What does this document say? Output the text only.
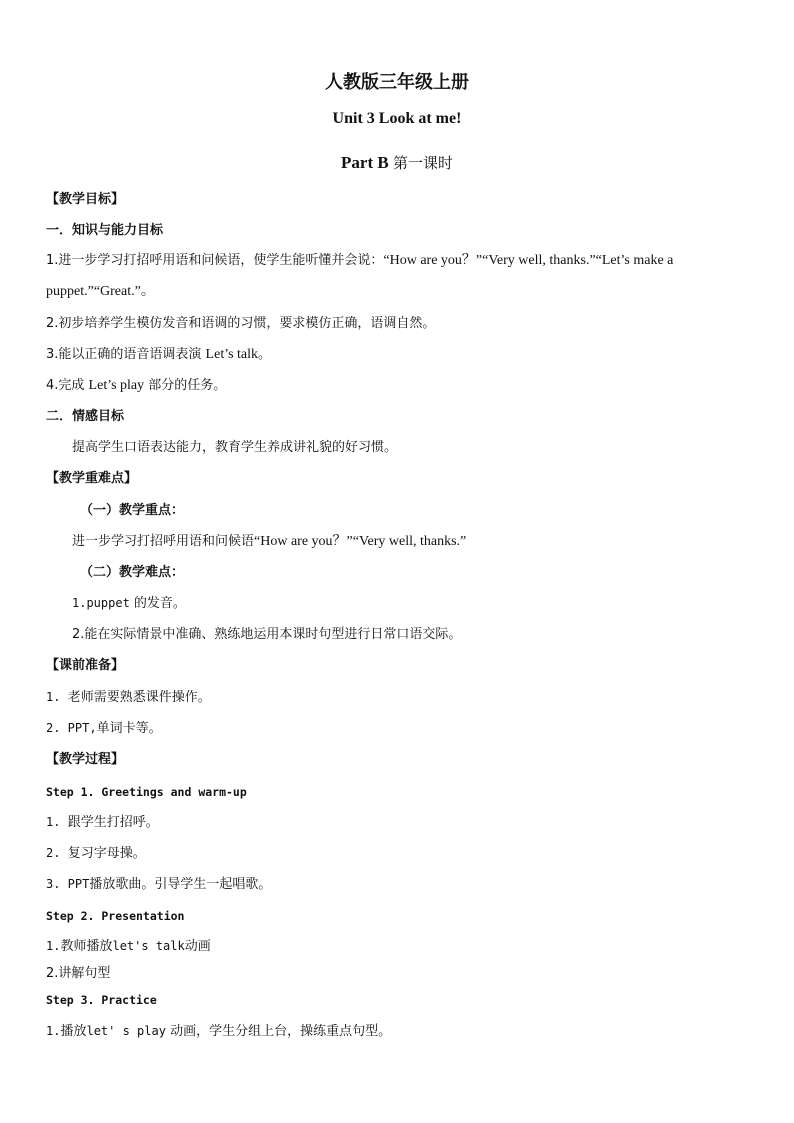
人教版三年级上册
Unit 3 Look at me!
Part B 第一课时
【教学目标】
一．知识与能力目标
1.进一步学习打招呼用语和问候语，使学生能听懂并会说：“How are you？”“Very well, thanks.”“Let’s make a
puppet.”“Great.”。
2.初步培养学生模仿发音和语调的习惯，要求模仿正确，语调自然。
3.能以正确的语音语调表演 Let’s talk。
4.完成 Let’s play 部分的任务。
二．情感目标
提高学生口语表达能力，教育学生养成讲礼貌的好习惯。
【教学重难点】
（一）教学重点：
进一步学习打招呼用语和问候语“How are you？”“Very well, thanks.”
（二）教学难点：
1.puppet 的发音。
2.能在实际情景中准确、熟练地运用本课时句型进行日常口语交际。
【课前准备】
1. 老师需要熟悉课件操作。
2. PPT,单词卡等。
【教学过程】
Step 1. Greetings and warm-up
1. 跟学生打招呼。
2. 复习字母操。
3. PPT播放歌曲。引导学生一起唱歌。
Step 2. Presentation
1.教师播放let's talk动画
2.讲解句型
Step 3. Practice
1.播放let' s play 动画，学生分组上台，操练重点句型。
